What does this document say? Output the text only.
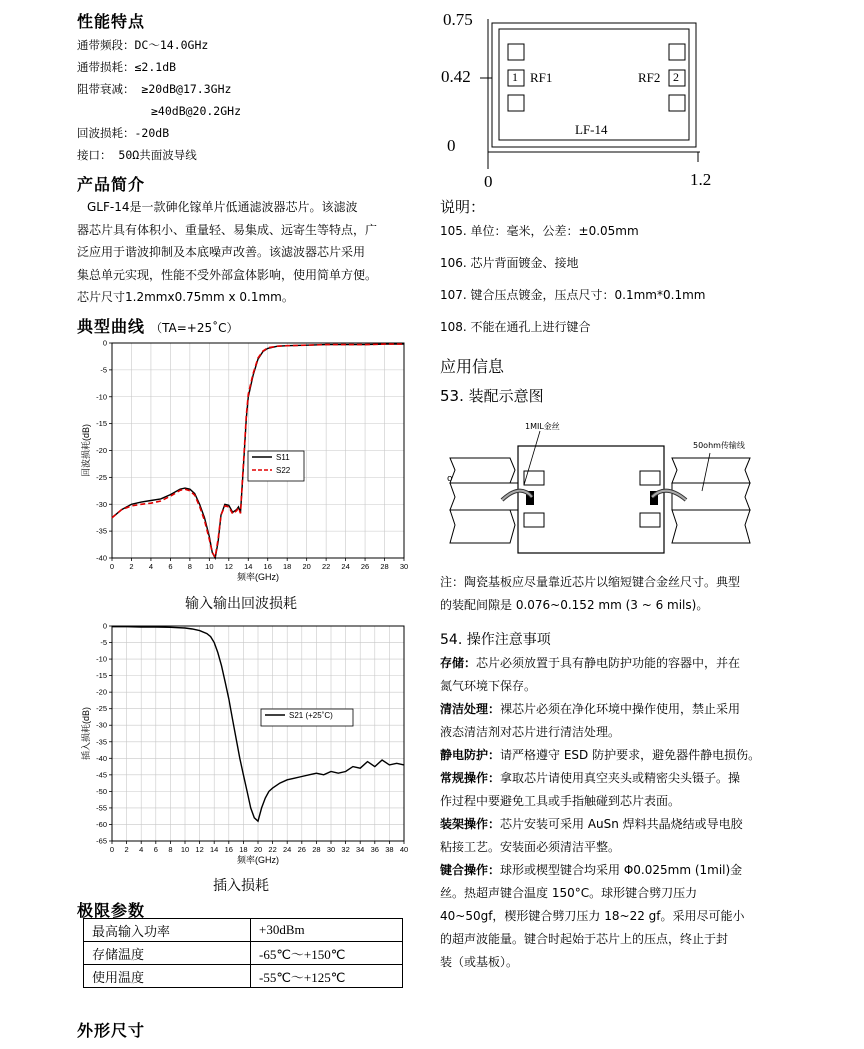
性能特点
通带频段：DC～14.0GHz
通带损耗：≤2.1dB
阻带衰减： ≥20dB@17.3GHz
≥40dB@20.2GHz
回波损耗：-20dB
接口： 50Ω共面波导线
产品简介
GLF-14是一款砷化镓单片低通滤波器芯片。该滤波
器芯片具有体积小、重量轻、易集成、远寄生等特点，广
泛应用于谐波抑制及本底噪声改善。该滤波器芯片采用
集总单元实现，性能不受外部盒体影响，使用简单方便。
芯片尺寸1.2mmx0.75mm x 0.1mm。
典型曲线 （TA=+25˚C）
0 2 4 6 8 10 12 14 16 18 20 22 24 26 28 30
0
-5
-10
-15
-20
-25
-30
-35
-40
频率(GHz)
回波损耗(dB)	S11
S22
输入输出回波损耗
0 2 4 6 8 10 12 14 16 18 20 22 24 26 28 30 32 34 36 38 40
0
-5
-10
-15
-20
-25
-30
-35
-40
-45
-50
-55
-60
-65
频率(GHz)
插入损耗(dB)	S21 (+25˚C)
插入损耗
极限参数
最高输入功率	+30dBm
存储温度	-65℃～+150℃
使用温度	-55℃～+125℃
外形尺寸
0.75
0.42
0
0	1.2
1	2
RF1	RF2
LF-14
说明：
105. 单位：毫米，公差：±0.05mm
106. 芯片背面镀金、接地
107. 键合压点镀金，压点尺寸：0.1mm*0.1mm
108. 不能在通孔上进行键合
应用信息
53. 装配示意图
1MIL金丝
50ohm传输线
o
注：陶瓷基板应尽量靠近芯片以缩短键合金丝尺寸。典型
的装配间隙是 0.076~0.152 mm (3 ~ 6 mils)。
54. 操作注意事项
存储：芯片必须放置于具有静电防护功能的容器中，并在
氮气环境下保存。
清洁处理：裸芯片必须在净化环境中操作使用，禁止采用
液态清洁剂对芯片进行清洁处理。
静电防护：请严格遵守 ESD 防护要求，避免器件静电损伤。
常规操作：拿取芯片请使用真空夹头或精密尖头镊子。操
作过程中要避免工具或手指触碰到芯片表面。
装架操作：芯片安装可采用 AuSn 焊料共晶烧结或导电胶
粘接工艺。安装面必须清洁平整。
键合操作：球形或楔型键合均采用 Φ0.025mm (1mil)金
丝。热超声键合温度 150°C。球形键合劈刀压力
40~50gf，楔形键合劈刀压力 18~22 gf。采用尽可能小
的超声波能量。键合时起始于芯片上的压点，终止于封
装（或基板）。
